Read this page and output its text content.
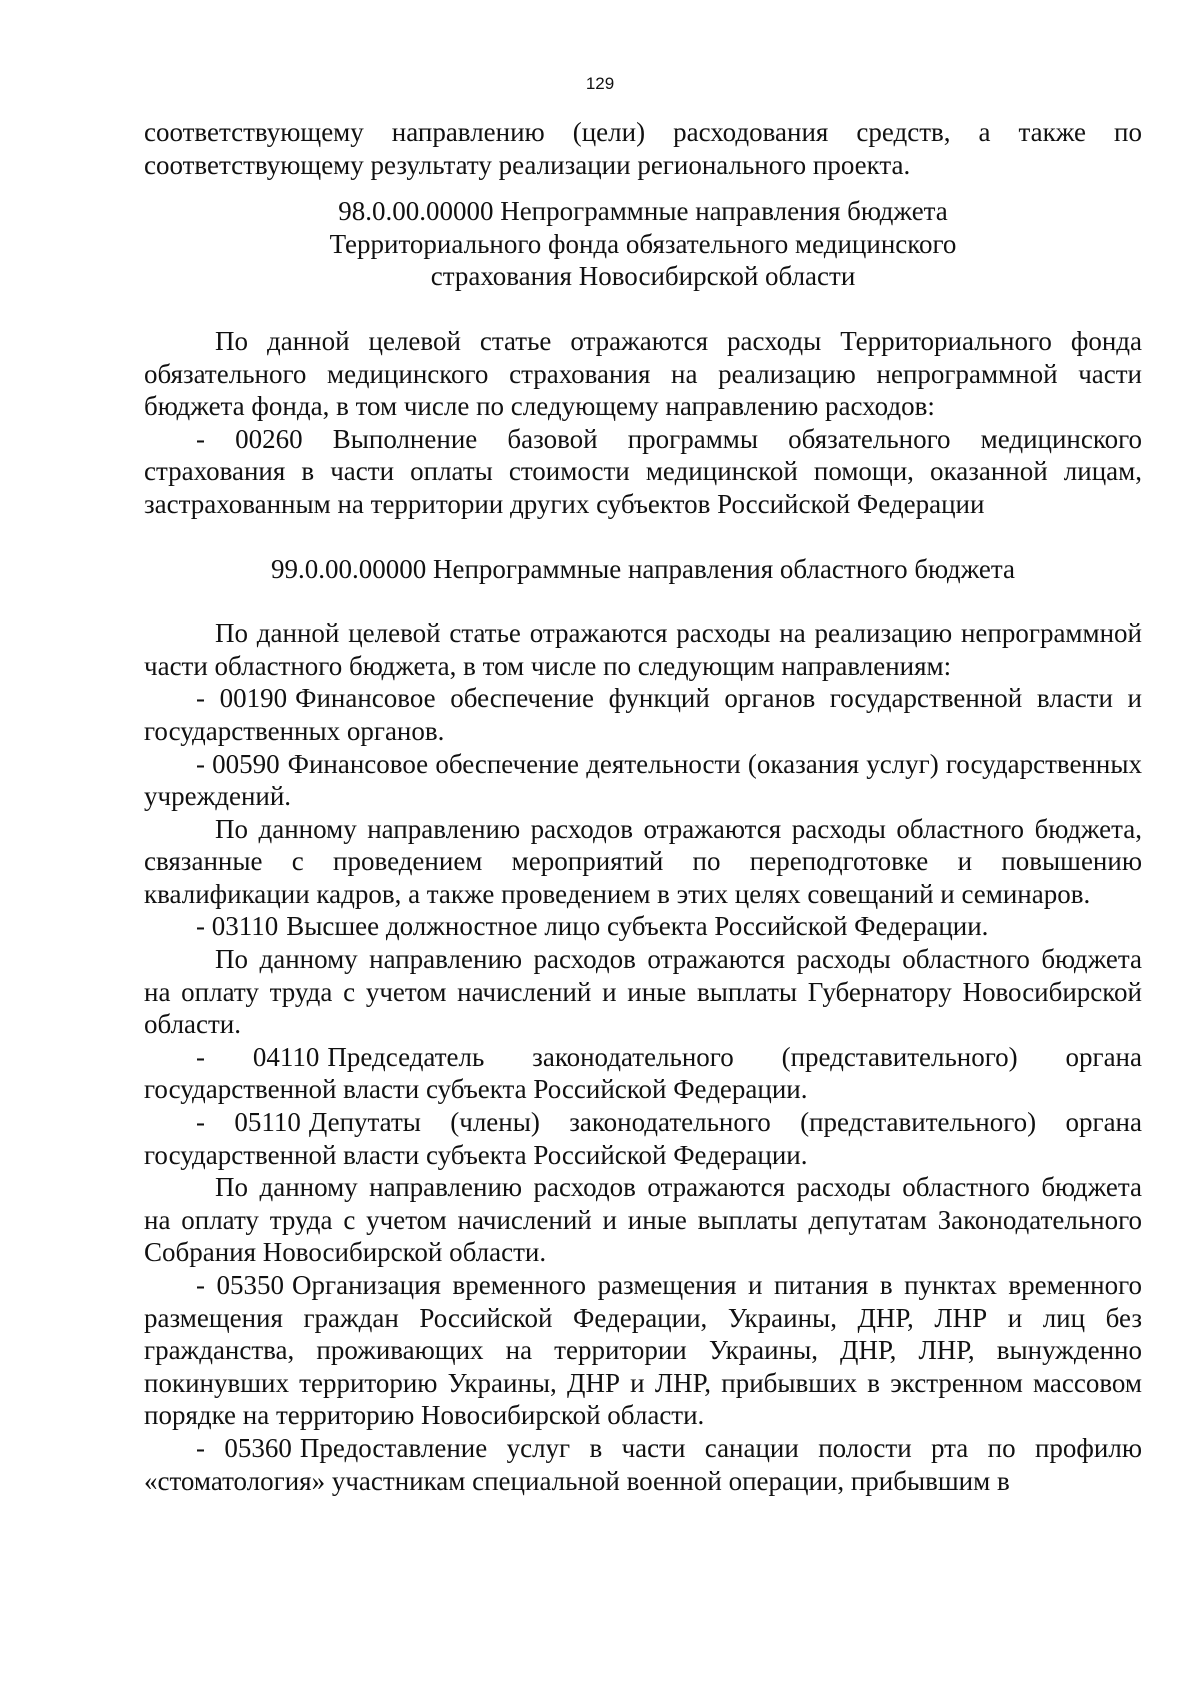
129

соответствующему направлению (цели) расходования средств, а также по соответствующему результату реализации регионального проекта.

98.0.00.00000 Непрограммные направления бюджета
Территориального фонда обязательного медицинского
страхования Новосибирской области

По данной целевой статье отражаются расходы Территориального фонда обязательного медицинского страхования на реализацию непрограммной части бюджета фонда, в том числе по следующему направлению расходов:

- 00260 Выполнение базовой программы обязательного медицинского страхования в части оплаты стоимости медицинской помощи, оказанной лицам, застрахованным на территории других субъектов Российской Федерации

99.0.00.00000 Непрограммные направления областного бюджета

По данной целевой статье отражаются расходы на реализацию непрограммной части областного бюджета, в том числе по следующим направлениям:

- 00190 Финансовое обеспечение функций органов государственной власти и государственных органов.

- 00590 Финансовое обеспечение деятельности (оказания услуг) государственных учреждений.

По данному направлению расходов отражаются расходы областного бюджета, связанные с проведением мероприятий по переподготовке и повышению квалификации кадров, а также проведением в этих целях совещаний и семинаров.

- 03110 Высшее должностное лицо субъекта Российской Федерации.

По данному направлению расходов отражаются расходы областного бюджета на оплату труда с учетом начислений и иные выплаты Губернатору Новосибирской области.

- 04110 Председатель законодательного (представительного) органа государственной власти субъекта Российской Федерации.

- 05110 Депутаты (члены) законодательного (представительного) органа государственной власти субъекта Российской Федерации.

По данному направлению расходов отражаются расходы областного бюджета на оплату труда с учетом начислений и иные выплаты депутатам Законодательного Собрания Новосибирской области.

- 05350 Организация временного размещения и питания в пунктах временного размещения граждан Российской Федерации, Украины, ДНР, ЛНР и лиц без гражданства, проживающих на территории Украины, ДНР, ЛНР, вынужденно покинувших территорию Украины, ДНР и ЛНР, прибывших в экстренном массовом порядке на территорию Новосибирской области.

- 05360 Предоставление услуг в части санации полости рта по профилю «стоматология» участникам специальной военной операции, прибывшим в
